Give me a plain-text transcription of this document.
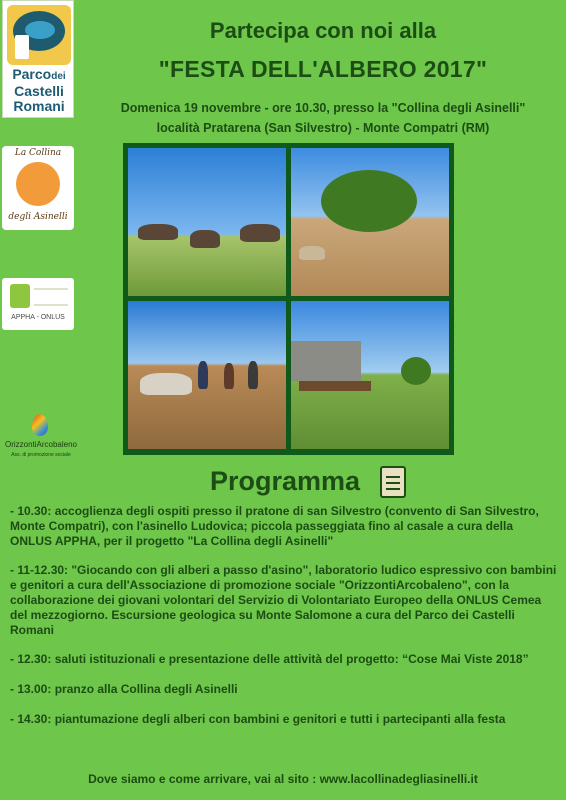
Parcodei
Castelli
Romani
La Collina
degli Asinelli
APPHA - ONLUS
OrizzontiArcobaleno
Ass. di promozione sociale
Partecipa con noi alla
"FESTA DELL'ALBERO 2017"
Domenica 19 novembre - ore 10.30, presso la "Collina degli Asinelli"
località Pratarena (San Silvestro) - Monte Compatri (RM)
Programma

- 10.30: accoglienza degli ospiti presso il pratone di san Silvestro (convento di San Silvestro, Monte Compatri), con l'asinello Ludovica; piccola passeggiata fino al casale a cura della ONLUS APPHA, per il progetto "La Collina degli Asinelli"

- 11-12.30: "Giocando con gli alberi a passo d'asino", laboratorio ludico espressivo con bambini e genitori a cura dell'Associazione di promozione sociale "OrizzontiArcobaleno", con la collaborazione dei giovani volontari del Servizio di Volontariato Europeo della ONLUS Cemea del mezzogiorno. Escursione geologica su Monte Salomone a cura del Parco dei Castelli Romani

- 12.30: saluti istituzionali e presentazione delle attività del progetto: “Cose Mai Viste 2018”

- 13.00: pranzo alla Collina degli Asinelli

- 14.30: piantumazione degli alberi con bambini e genitori e tutti i partecipanti alla festa

Dove siamo e come arrivare, vai al sito : www.lacollinadegliasinelli.it
